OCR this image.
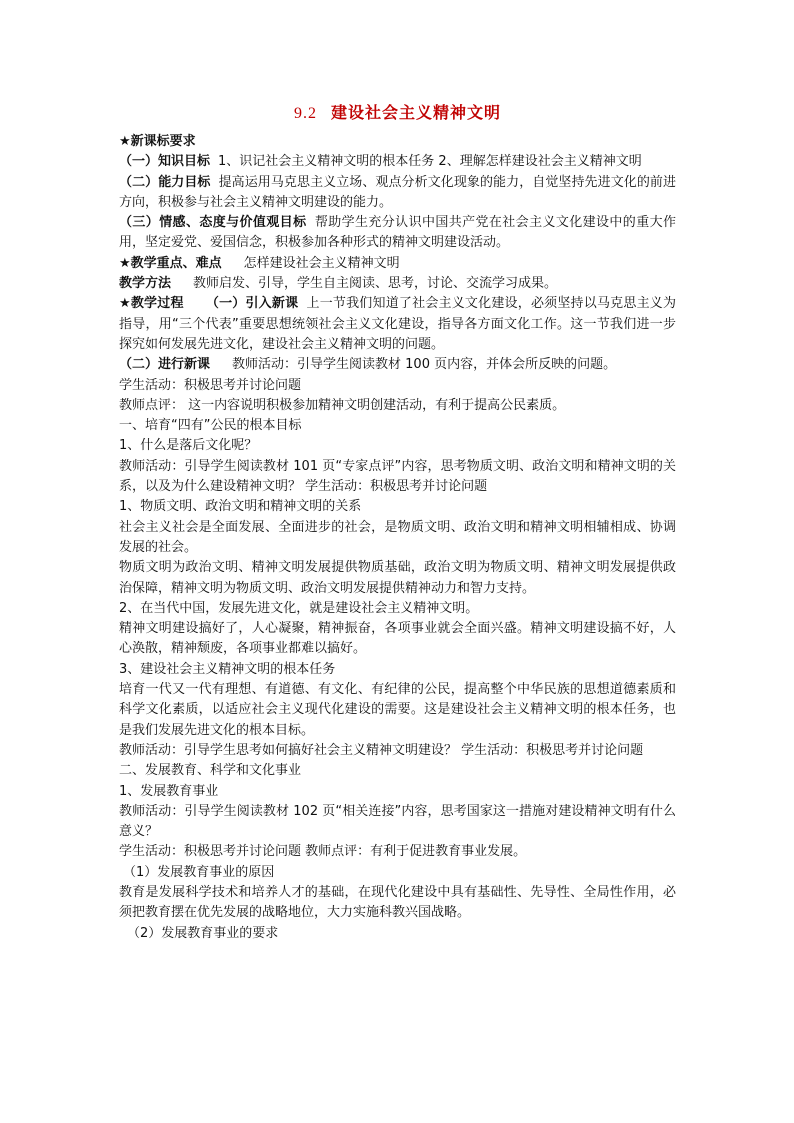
9.2 建设社会主义精神文明

★新课标要求

（一）知识目标 1、识记社会主义精神文明的根本任务 2、理解怎样建设社会主义精神文明

（二）能力目标 提高运用马克思主义立场、观点分析文化现象的能力，自觉坚持先进文化的前进方向，积极参与社会主义精神文明建设的能力。

（三）情感、态度与价值观目标 帮助学生充分认识中国共产党在社会主义文化建设中的重大作用，坚定爱党、爱国信念，积极参加各种形式的精神文明建设活动。

★教学重点、难点 怎样建设社会主义精神文明

教学方法 教师启发、引导，学生自主阅读、思考，讨论、交流学习成果。

★教学过程 （一）引入新课 上一节我们知道了社会主义文化建设，必须坚持以马克思主义为指导，用“三个代表”重要思想统领社会主义文化建设，指导各方面文化工作。这一节我们进一步探究如何发展先进文化，建设社会主义精神文明的问题。

（二）进行新课 教师活动：引导学生阅读教材 100 页内容，并体会所反映的问题。

学生活动：积极思考并讨论问题

教师点评： 这一内容说明积极参加精神文明创建活动，有利于提高公民素质。

一、培育“四有”公民的根本目标

1、什么是落后文化呢？

教师活动：引导学生阅读教材 101 页“专家点评”内容，思考物质文明、政治文明和精神文明的关系，以及为什么建设精神文明？ 学生活动：积极思考并讨论问题

1、物质文明、政治文明和精神文明的关系

社会主义社会是全面发展、全面进步的社会，是物质文明、政治文明和精神文明相辅相成、协调发展的社会。

物质文明为政治文明、精神文明发展提供物质基础，政治文明为物质文明、精神文明发展提供政治保障，精神文明为物质文明、政治文明发展提供精神动力和智力支持。

2、在当代中国，发展先进文化，就是建设社会主义精神文明。

精神文明建设搞好了，人心凝聚，精神振奋，各项事业就会全面兴盛。精神文明建设搞不好，人心涣散，精神颓废，各项事业都难以搞好。

3、建设社会主义精神文明的根本任务

培育一代又一代有理想、有道德、有文化、有纪律的公民，提高整个中华民族的思想道德素质和科学文化素质，以适应社会主义现代化建设的需要。这是建设社会主义精神文明的根本任务，也是我们发展先进文化的根本目标。

教师活动：引导学生思考如何搞好社会主义精神文明建设？ 学生活动：积极思考并讨论问题

二、发展教育、科学和文化事业

1、发展教育事业

教师活动：引导学生阅读教材 102 页“相关连接”内容，思考国家这一措施对建设精神文明有什么意义？

学生活动：积极思考并讨论问题 教师点评：有利于促进教育事业发展。

（1）发展教育事业的原因

教育是发展科学技术和培养人才的基础，在现代化建设中具有基础性、先导性、全局性作用，必须把教育摆在优先发展的战略地位，大力实施科教兴国战略。

（2）发展教育事业的要求
